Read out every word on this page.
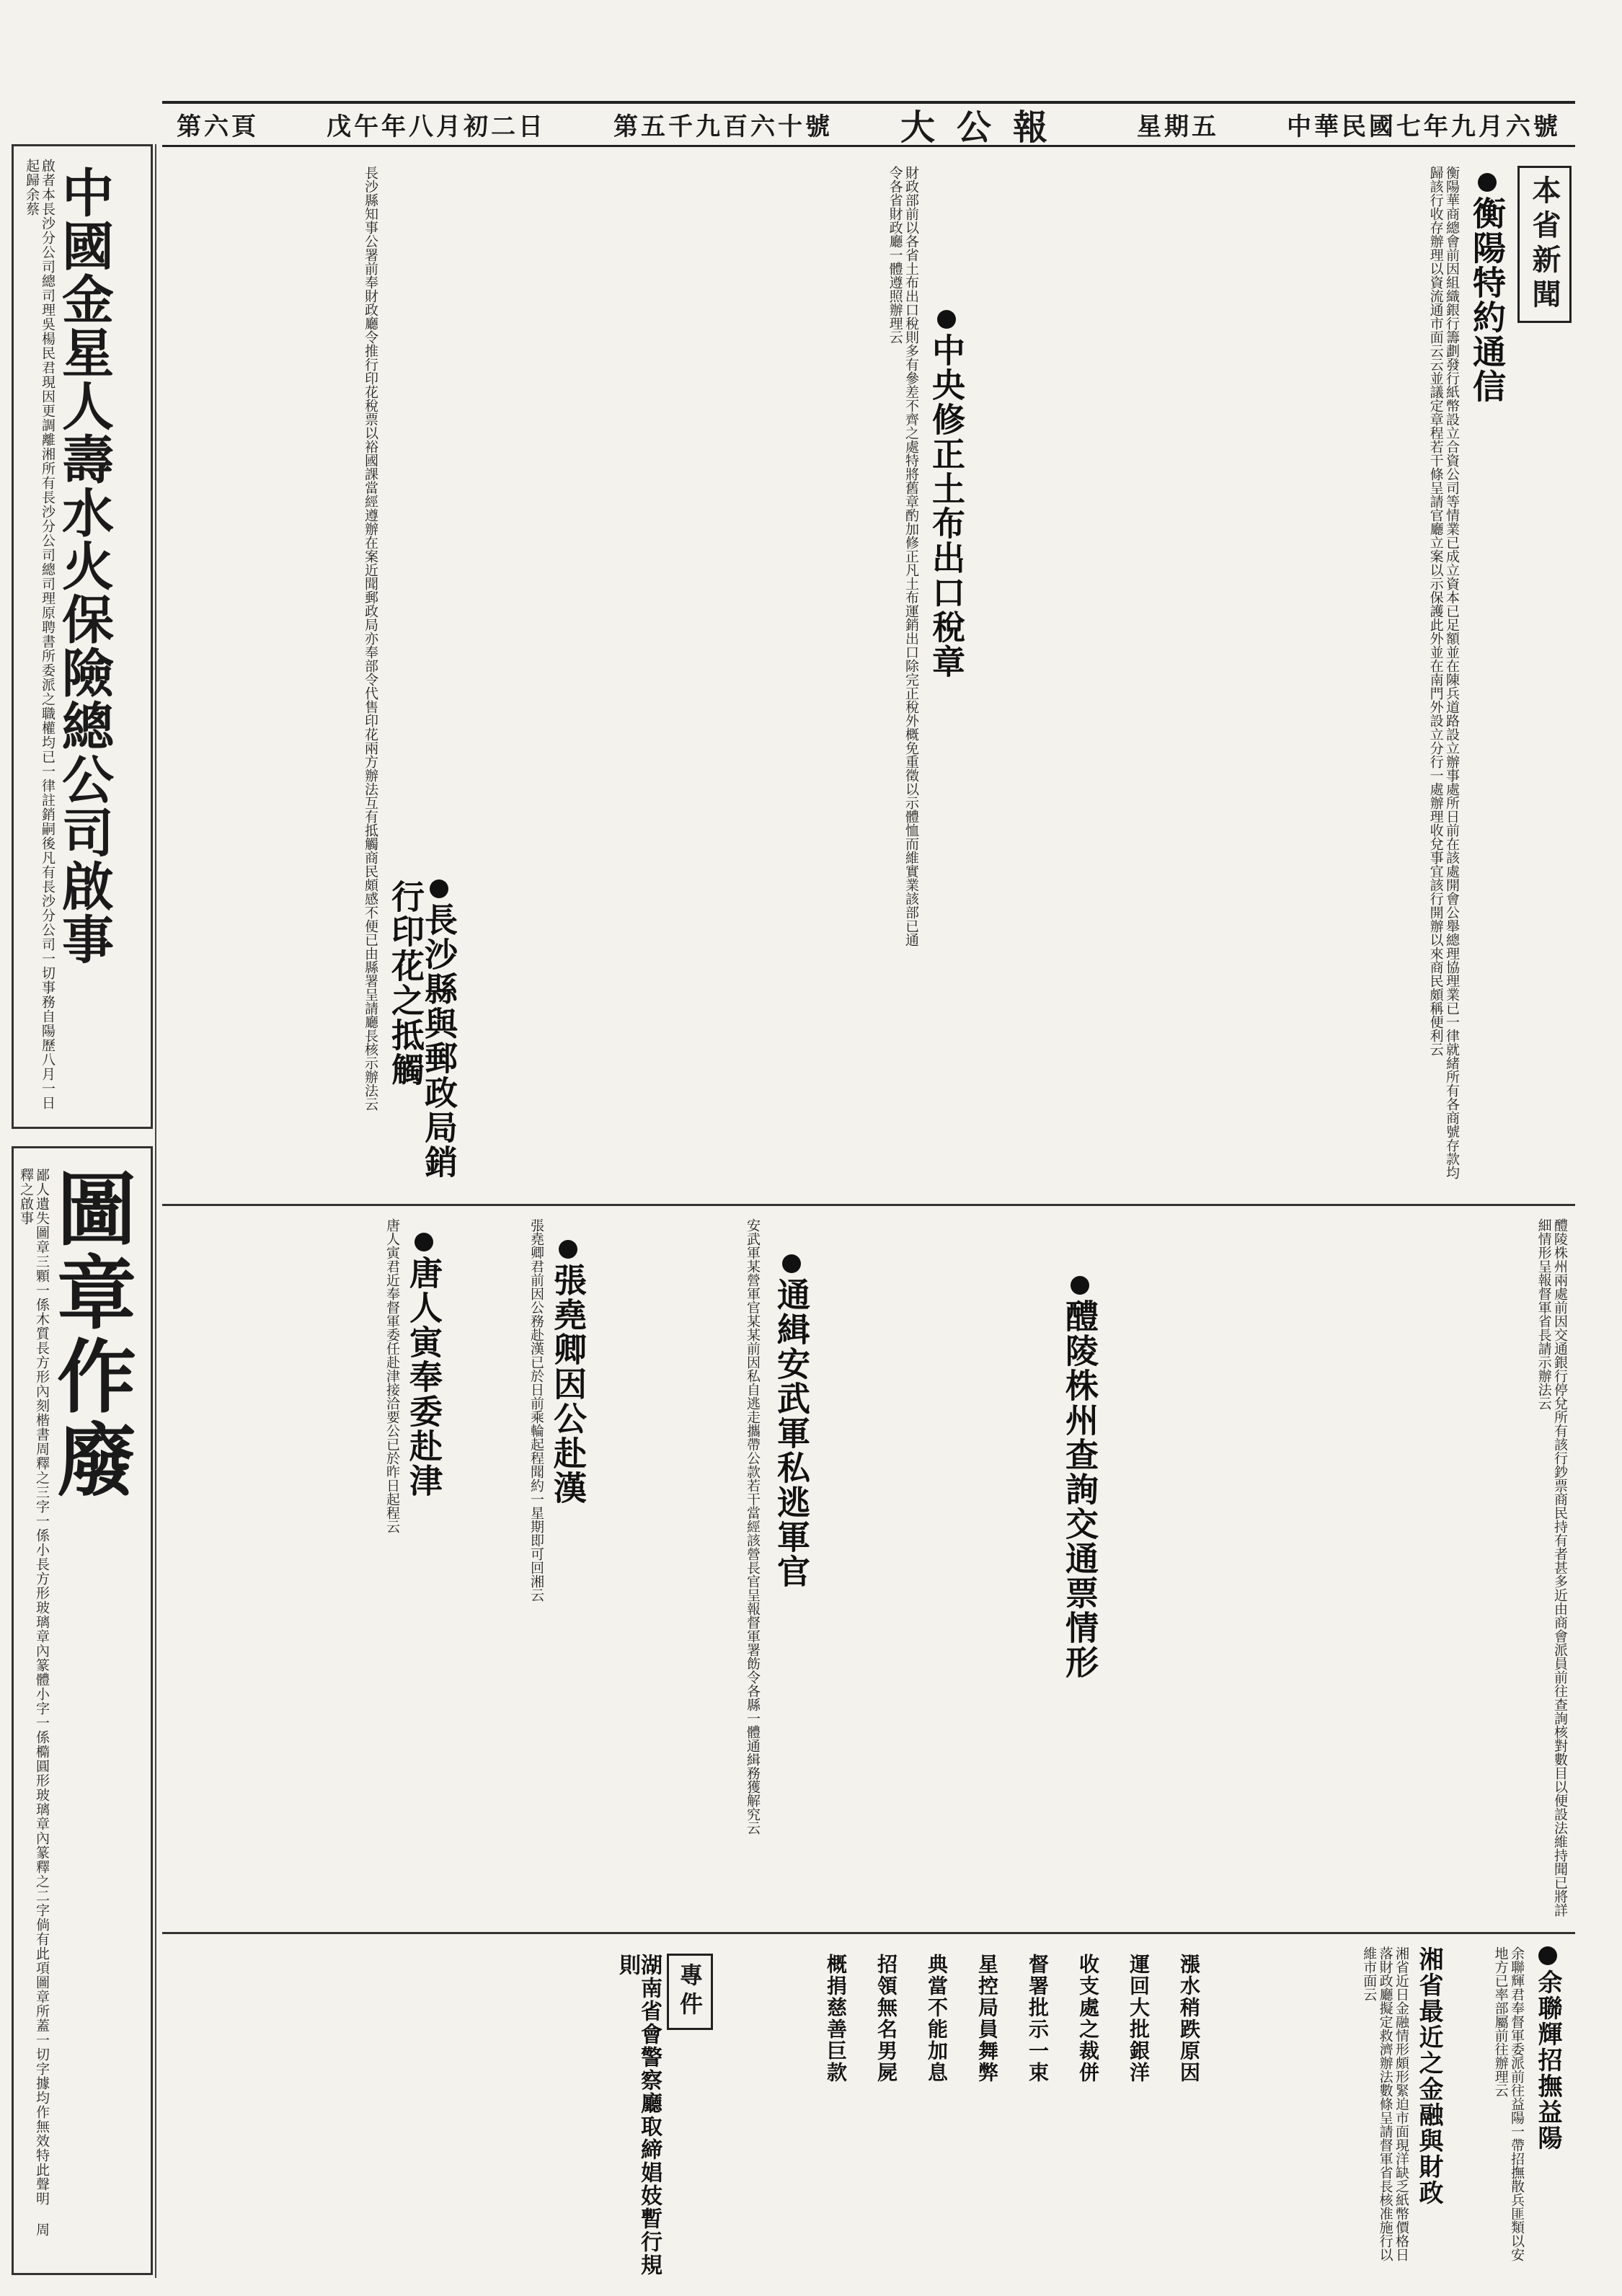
中華民國七年九月六號
星期五
大公報
第五千九百六十號
戊午年八月初二日
第六頁
中國金星人壽水火保險總公司啟事
啟者本長沙分公司總司理吳楊民君現因更調離湘所有長沙分公司總司理原聘書所委派之職權均已一律註銷嗣後凡有長沙分公司一切事務自陽歷八月一日起歸余蔡
圖章作廢
鄙人遺失圖章三顆一係木質長方形內刻楷書周釋之三字一係小長方形玻璃章內篆體小字一係橢圓形玻璃章內篆釋之二字倘有此項圖章所蓋一切字據均作無效特此聲明 周釋之啟事
本省新聞
衡陽特約通信
衡陽華商總會前因組織銀行籌劃發行紙幣設立合資公司等情業已成立資本已足額並在陳兵道路設立辦事處所日前在該處開會公舉總理協理業已一律就緒所有各商號存款均歸該行收存辦理以資流通市面云云並議定章程若干條呈請官廳立案以示保護此外並在南門外設立分行一處辦理收兌事宜該行開辦以來商民頗稱便利云
中央修正土布出口稅章
財政部前以各省土布出口稅則多有參差不齊之處特將舊章酌加修正凡土布運銷出口除完正稅外概免重徵以示體恤而維實業該部已通令各省財政廳一體遵照辦理云
長沙縣與郵政局銷行印花之抵觸
長沙縣知事公署前奉財政廳令推行印花稅票以裕國課當經遵辦在案近聞郵政局亦奉部令代售印花兩方辦法互有抵觸商民頗感不便已由縣署呈請廳長核示辦法云
醴陵株州兩處前因交通銀行停兌所有該行鈔票商民持有者甚多近由商會派員前往查詢核對數目以便設法維持聞已將詳細情形呈報督軍省長請示辦法云
醴陵株州查詢交通票情形
通緝安武軍私逃軍官
安武軍某營軍官某某前因私自逃走攜帶公款若干當經該營長官呈報督軍署飭令各縣一體通緝務獲解究云
張堯卿因公赴漢
張堯卿君前因公務赴漢已於日前乘輪起程聞約一星期即可回湘云
唐人寅奉委赴津
唐人寅君近奉督軍委任赴津接洽要公已於昨日起程云
余聯輝招撫益陽
余聯輝君奉督軍委派前往益陽一帶招撫散兵匪類以安地方已率部屬前往辦理云
湘省最近之金融與財政
湘省近日金融情形頗形緊迫市面現洋缺乏紙幣價格日落財政廳擬定救濟辦法數條呈請督軍省長核准施行以維市面云
漲水稍跌原因
運回大批銀洋
收支處之裁併
督署批示一束
星控局員舞弊
典當不能加息
招領無名男屍
概捐慈善巨款
專件
湖南省會警察廳取締娼妓暫行規則
